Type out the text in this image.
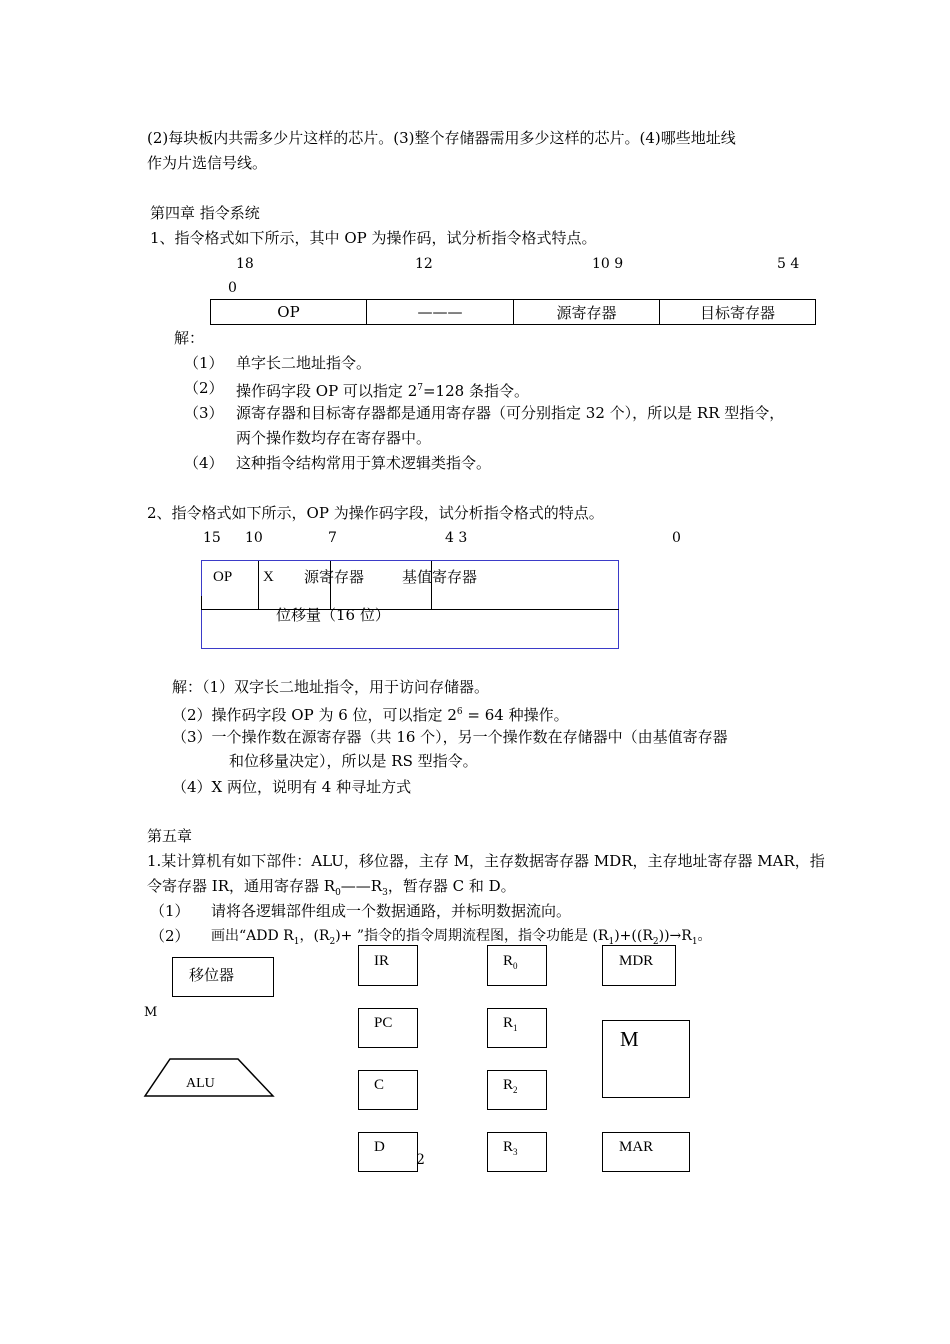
(2)每块板内共需多少片这样的芯片。(3)整个存储器需用多少这样的芯片。(4)哪些地址线
作为片选信号线。
第四章 指令系统
1、指令格式如下所示，其中 OP 为操作码，试分析指令格式特点。
18	12	10 9	5 4
0
OP	———	源寄存器	目标寄存器
解：
（1） 单字长二地址指令。
（2） 操作码字段 OP 可以指定 $2^7=128$ 条指令。
（3） 源寄存器和目标寄存器都是通用寄存器（可分别指定 32 个），所以是 RR 型指令，
两个操作数均存在寄存器中。
（4） 这种指令结构常用于算术逻辑类指令。
2、指令格式如下所示，OP 为操作码字段，试分析指令格式的特点。
15 10	7	4 3	0
OP X 源寄存器	基值寄存器
位移量（16 位）
解：（1）双字长二地址指令，用于访问存储器。
（2）操作码字段 OP 为 6 位，可以指定 $2^6 = 64$ 种操作。
（3）一个操作数在源寄存器（共 16 个），另一个操作数在存储器中（由基值寄存器
和位移量决定），所以是 RS 型指令。
（4）X 两位，说明有 4 种寻址方式
第五章
1.某计算机有如下部件：ALU，移位器，主存 M，主存数据寄存器 MDR，主存地址寄存器 MAR，指
令寄存器 IR，通用寄存器 $R_0——R_3$，暂存器 C 和 D。
（1） 请将各逻辑部件组成一个数据通路，并标明数据流向。
（2） 画出“ADD $R_1$，$(R_2)+$ ”指令的指令周期流程图，指令功能是 $(R_1)+((R_2))\to R_1$。
移位器
M
ALU
IR
PC
C
D
$R_0$
$R_1$
$R_2$
$R_3$
MDR
M
MAR
2
